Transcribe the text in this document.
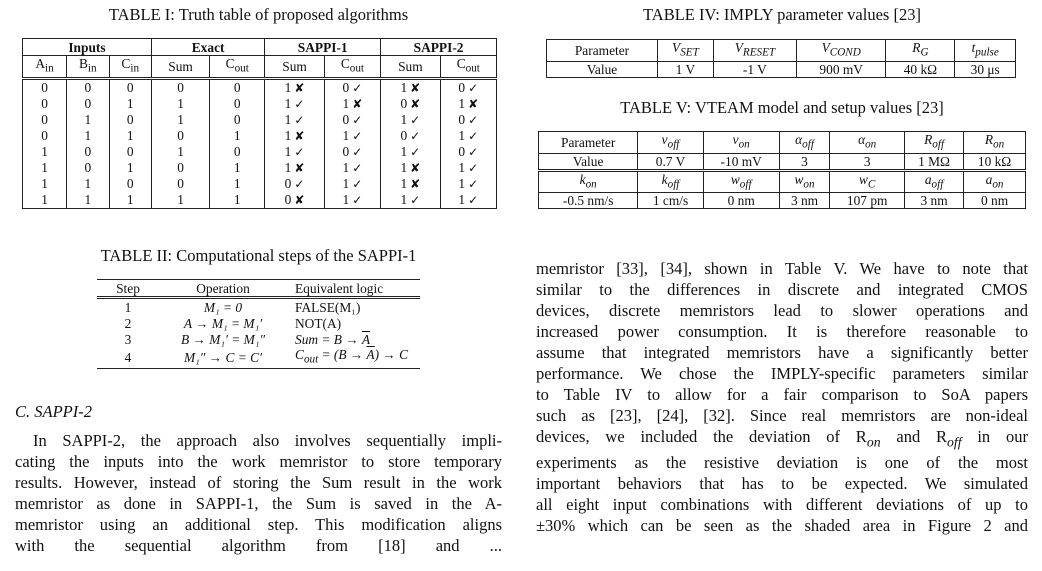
TABLE I: Truth table of proposed algorithms
Inputs			Exact		SAPPI-1		SAPPI-2	
$A_{in}$	$B_{in}$	$C_{in}$	Sum	$C_{out}$	Sum	$C_{out}$	Sum	$C_{out}$
0	0	0	0	0	1 ✘	0 ✓	1 ✘	0 ✓
0	0	1	1	0	1 ✓	1 ✘	0 ✘	1 ✘
0	1	0	1	0	1 ✓	0 ✓	1 ✓	0 ✓
0	1	1	0	1	1 ✘	1 ✓	0 ✓	1 ✓
1	0	0	1	0	1 ✓	0 ✓	1 ✓	0 ✓
1	0	1	0	1	1 ✘	1 ✓	1 ✘	1 ✓
1	1	0	0	1	0 ✓	1 ✓	1 ✘	1 ✓
1	1	1	1	1	0 ✘	1 ✓	1 ✓	1 ✓
TABLE II: Computational steps of the SAPPI-1
Step	Operation	Equivalent logic
1	M₁ = 0	FALSE(M₁)
2	A → M₁ = M₁′	NOT(A)
3	B → M₁′ = M₁″	Sum = $B \to \overline{A}$
4	M₁″ → C = C′	$C_{out} = (B \to \overline{A}) \to C$
C. SAPPI-2
In SAPPI-2, the approach also involves sequentially impli-
cating the inputs into the work memristor to store temporary
results. However, instead of storing the Sum result in the work
memristor as done in SAPPI-1, the Sum is saved in the A-
memristor using an additional step. This modification aligns
with the sequential algorithm from [18] and ...
TABLE IV: IMPLY parameter values [23]
Parameter	$V_{SET}$	$V_{RESET}$	$V_{COND}$	$R_G$	$t_{pulse}$
Value	1 V	-1 V	900 mV	40 kΩ	30 μs
TABLE V: VTEAM model and setup values [23]
Parameter	$v_{off}$	$v_{on}$	$\alpha_{off}$	$\alpha_{on}$	$R_{off}$	$R_{on}$
Value	0.7 V	-10 mV	3	3	1 MΩ	10 kΩ
$k_{on}$	$k_{off}$	$w_{off}$	$w_{on}$	$w_C$	$a_{off}$	$a_{on}$
-0.5 nm/s	1 cm/s	0 nm	3 nm	107 pm	3 nm	0 nm
memristor [33], [34], shown in Table V. We have to note that
similar to the differences in discrete and integrated CMOS
devices, discrete memristors lead to slower operations and
increased power consumption. It is therefore reasonable to
assume that integrated memristors have a significantly better
performance. We chose the IMPLY-specific parameters similar
to Table IV to allow for a fair comparison to SoA papers
such as [23], [24], [32]. Since real memristors are non-ideal
devices, we included the deviation of $R_{on}$ and $R_{off}$ in our
experiments as the resistive deviation is one of the most
important behaviors that has to be expected. We simulated
all eight input combinations with different deviations of up to
±30% which can be seen as the shaded area in Figure 2 and
